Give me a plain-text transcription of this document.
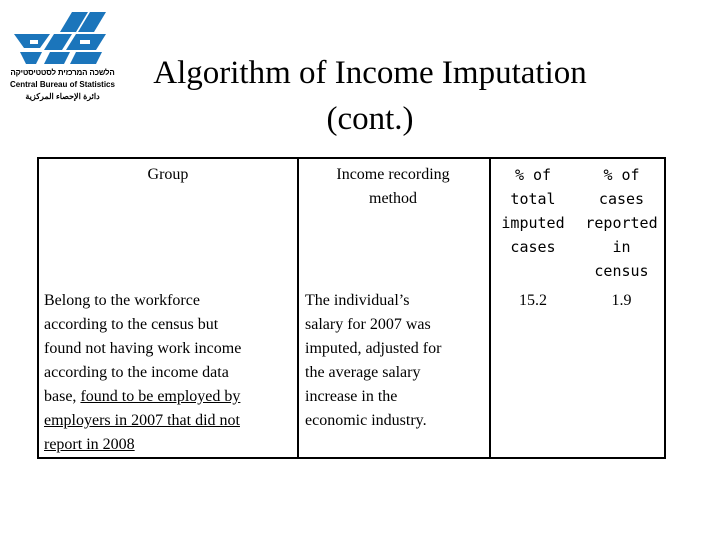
הלשכה המרכזית לסטטיסטיקה
Central Bureau of Statistics
دائرة الإحصاء المركزية
Algorithm of Income Imputation
(cont.)
Group	Income recording
method
% of
total
imputed
cases
% of
cases
reported
in
census
Belong to the workforce
according to the census but
found not having work income
according to the income data
base, found to be employed by
employers in 2007 that did not
report in 2008
The individual’s
salary for 2007 was
imputed, adjusted for
the average salary
increase in the
economic industry.
15.2	1.9
